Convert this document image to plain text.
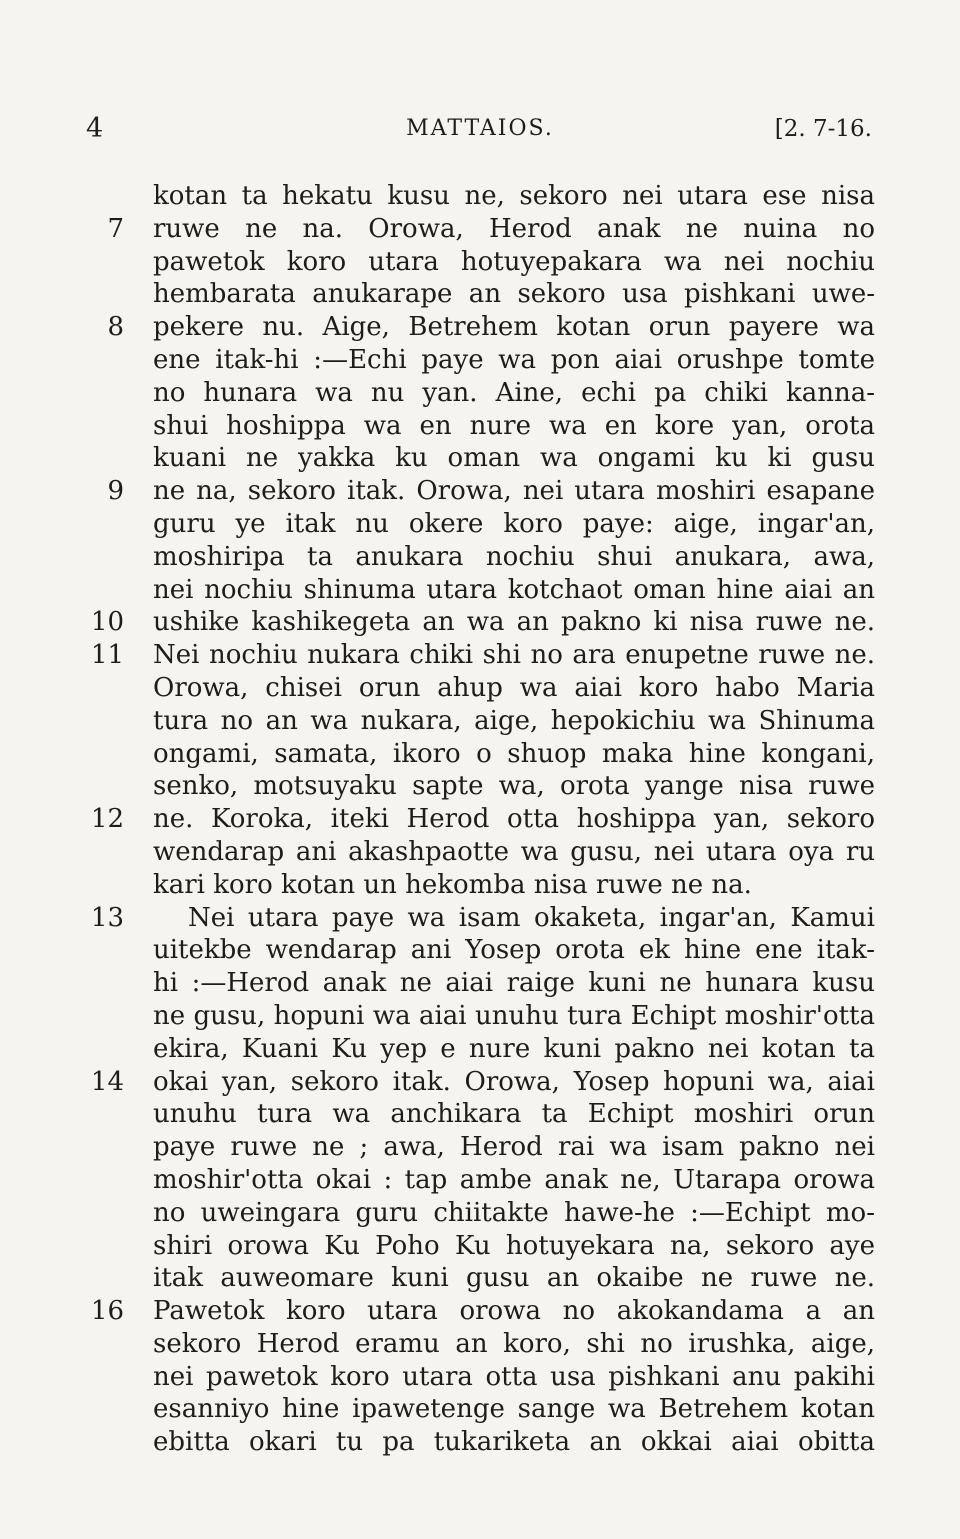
4	MATTAIOS.	[2. 7-16.
kotan ta hekatu kusu ne, sekoro nei utara ese nisa
7 ruwe ne na. Orowa, Herod anak ne nuina no
pawetok koro utara hotuyepakara wa nei nochiu
hembarata anukarape an sekoro usa pishkani uwe-
8 pekere nu. Aige, Betrehem kotan orun payere wa
ene itak-hi :—Echi paye wa pon aiai orushpe tomte
no hunara wa nu yan. Aine, echi pa chiki kanna-
shui hoshippa wa en nure wa en kore yan, orota
kuani ne yakka ku oman wa ongami ku ki gusu
9 ne na, sekoro itak. Orowa, nei utara moshiri esapane
guru ye itak nu okere koro paye: aige, ingar'an,
moshiripa ta anukara nochiu shui anukara, awa,
nei nochiu shinuma utara kotchaot oman hine aiai an
10 ushike kashikegeta an wa an pakno ki nisa ruwe ne.
11 Nei nochiu nukara chiki shi no ara enupetne ruwe ne.
Orowa, chisei orun ahup wa aiai koro habo Maria
tura no an wa nukara, aige, hepokichiu wa Shinuma
ongami, samata, ikoro o shuop maka hine kongani,
senko, motsuyaku sapte wa, orota yange nisa ruwe
12 ne. Koroka, iteki Herod otta hoshippa yan, sekoro
wendarap ani akashpaotte wa gusu, nei utara oya ru
kari koro kotan un hekomba nisa ruwe ne na.
13 Nei utara paye wa isam okaketa, ingar'an, Kamui
uitekbe wendarap ani Yosep orota ek hine ene itak-
hi :—Herod anak ne aiai raige kuni ne hunara kusu
ne gusu, hopuni wa aiai unuhu tura Echipt moshir'otta
ekira, Kuani Ku yep e nure kuni pakno nei kotan ta
14 okai yan, sekoro itak. Orowa, Yosep hopuni wa, aiai
unuhu tura wa anchikara ta Echipt moshiri orun
paye ruwe ne ; awa, Herod rai wa isam pakno nei
moshir'otta okai : tap ambe anak ne, Utarapa orowa
no uweingara guru chiitakte hawe-he :—Echipt mo-
shiri orowa Ku Poho Ku hotuyekara na, sekoro aye
itak auweomare kuni gusu an okaibe ne ruwe ne.
16 Pawetok koro utara orowa no akokandama a an
sekoro Herod eramu an koro, shi no irushka, aige,
nei pawetok koro utara otta usa pishkani anu pakihi
esanniyo hine ipawetenge sange wa Betrehem kotan
ebitta okari tu pa tukariketa an okkai aiai obitta
